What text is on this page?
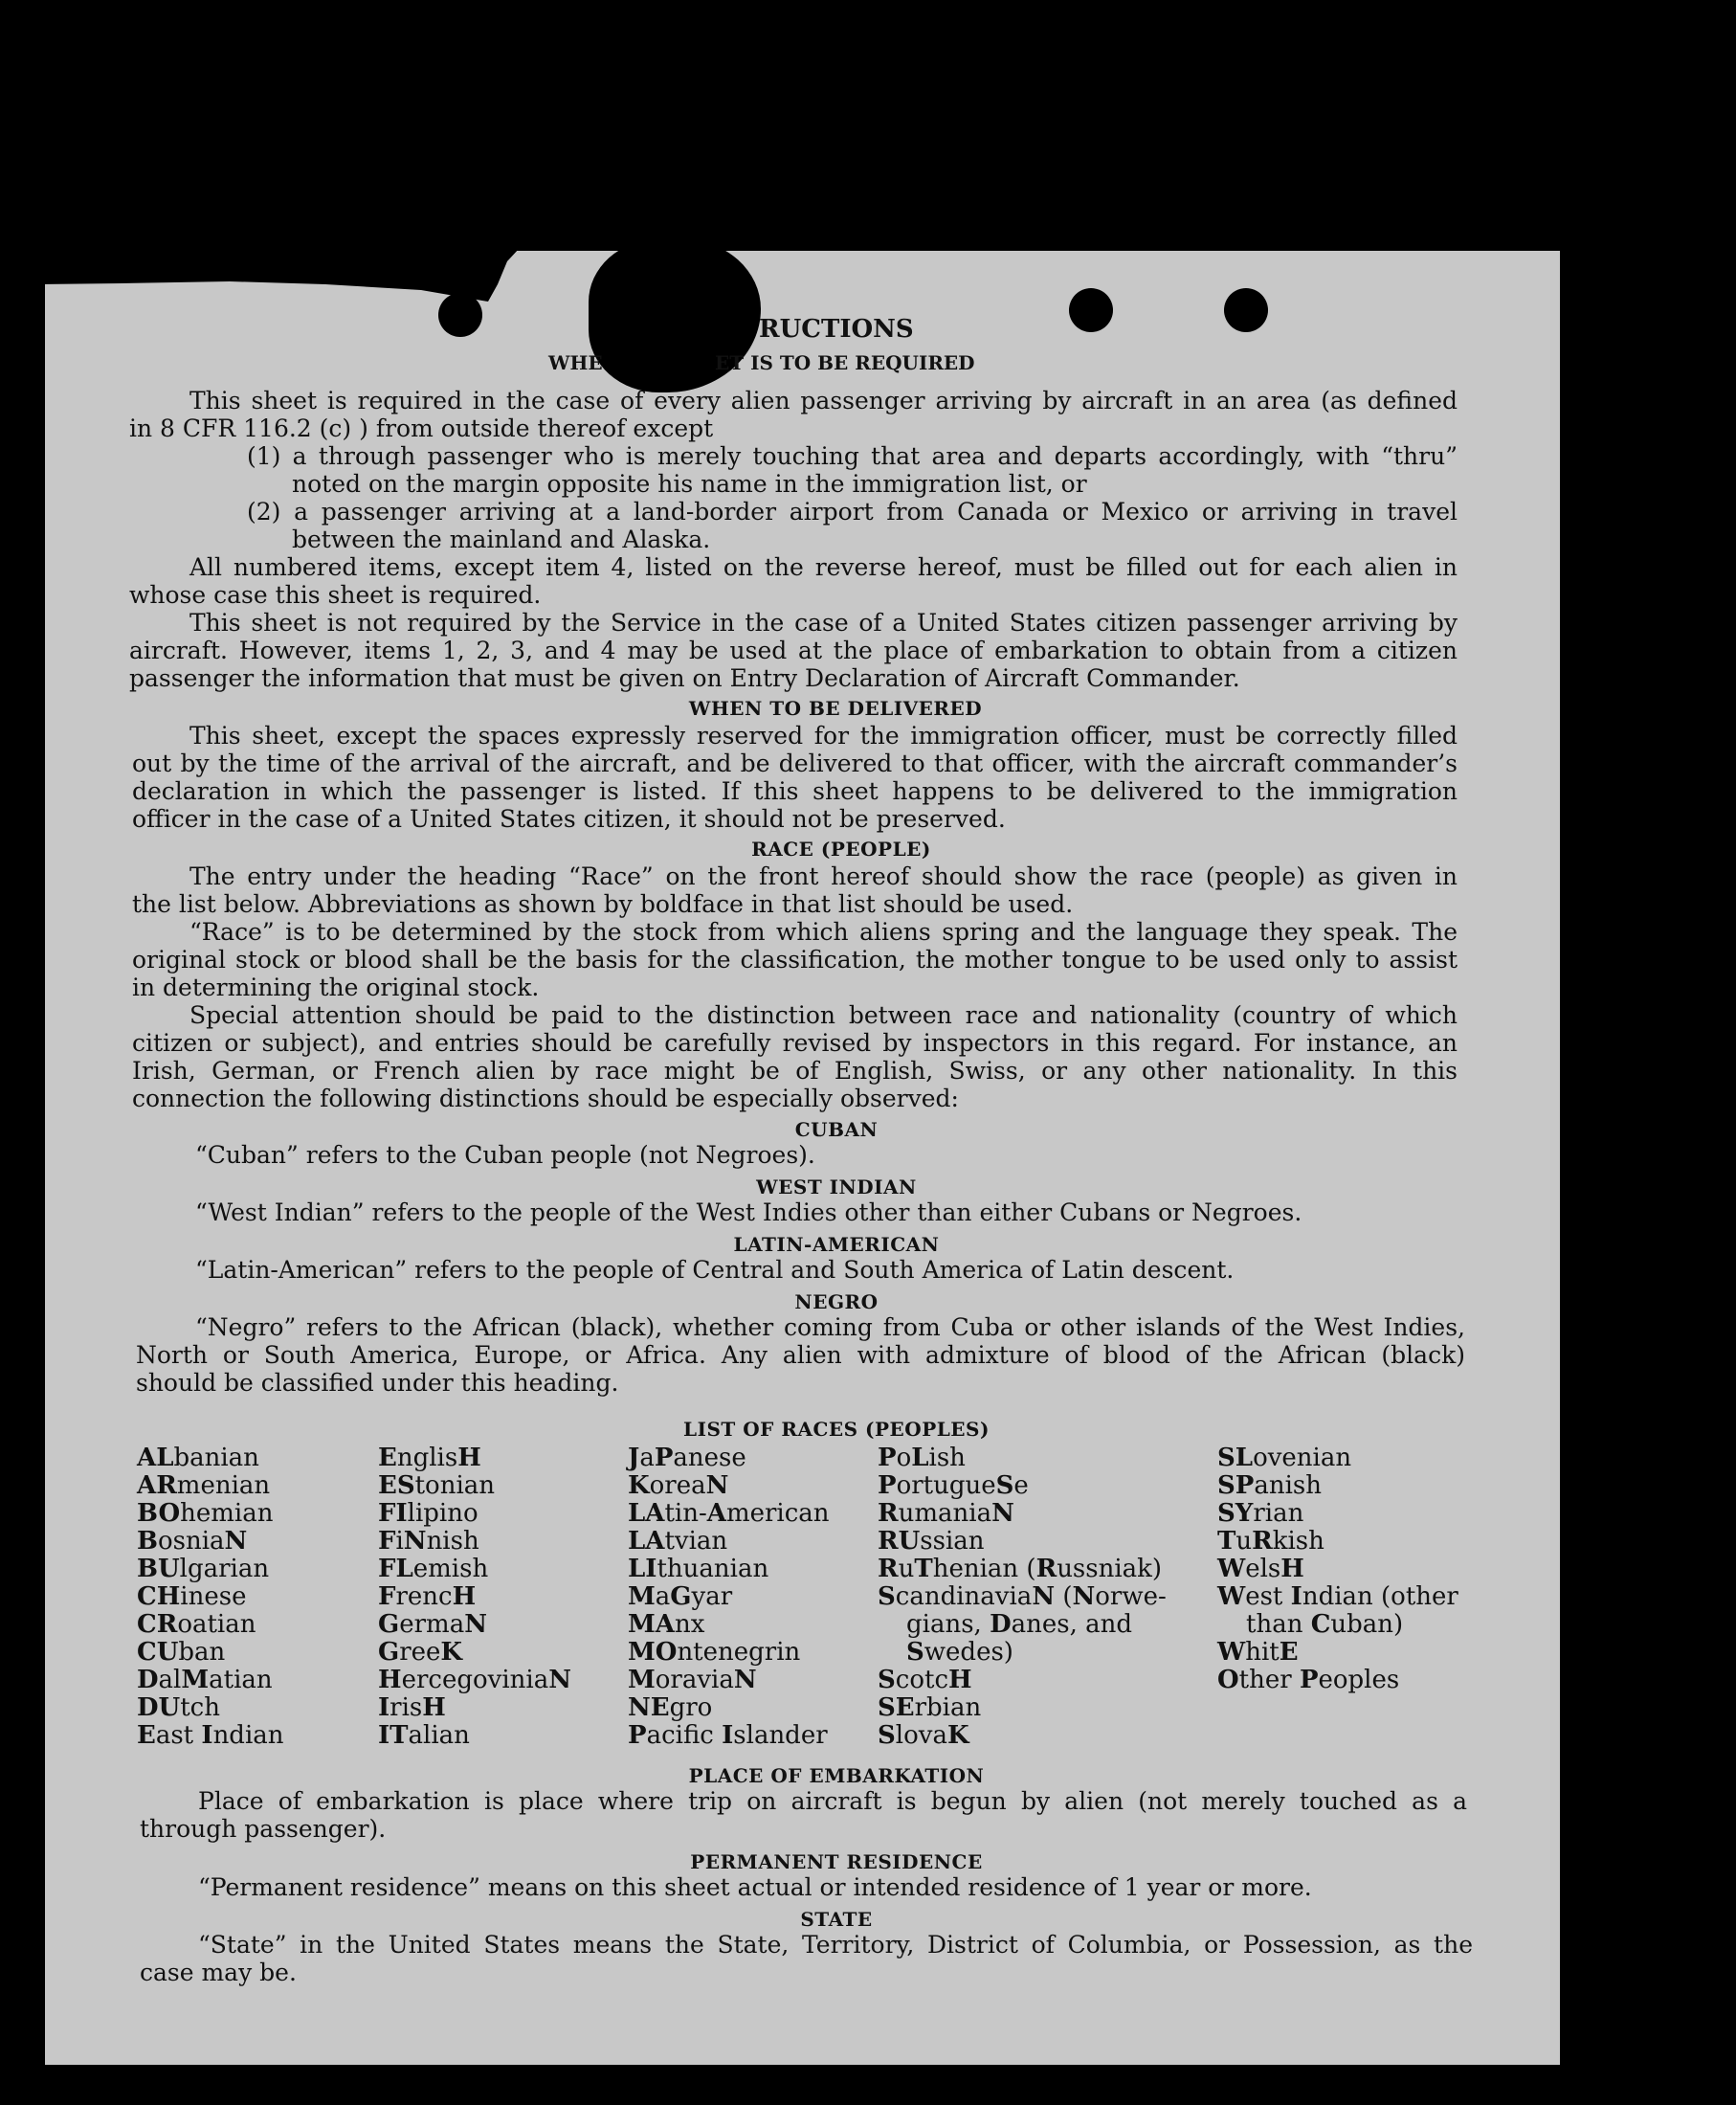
RUCTIONS
WHE	ET IS TO BE REQUIRED
This sheet is required in the case of every alien passenger arriving by aircraft in an area (as defined
in 8 CFR 116.2 (c) ) from outside thereof except
(1) a through passenger who is merely touching that area and departs accordingly, with “thru”
noted on the margin opposite his name in the immigration list, or
(2) a passenger arriving at a land-border airport from Canada or Mexico or arriving in travel
between the mainland and Alaska.
All numbered items, except item 4, listed on the reverse hereof, must be filled out for each alien in
whose case this sheet is required.
This sheet is not required by the Service in the case of a United States citizen passenger arriving by
aircraft. However, items 1, 2, 3, and 4 may be used at the place of embarkation to obtain from a citizen
passenger the information that must be given on Entry Declaration of Aircraft Commander.
WHEN TO BE DELIVERED
This sheet, except the spaces expressly reserved for the immigration officer, must be correctly filled
out by the time of the arrival of the aircraft, and be delivered to that officer, with the aircraft commander’s
declaration in which the passenger is listed. If this sheet happens to be delivered to the immigration
officer in the case of a United States citizen, it should not be preserved.
RACE (PEOPLE)
The entry under the heading “Race” on the front hereof should show the race (people) as given in
the list below. Abbreviations as shown by boldface in that list should be used.
“Race” is to be determined by the stock from which aliens spring and the language they speak. The
original stock or blood shall be the basis for the classification, the mother tongue to be used only to assist
in determining the original stock.
Special attention should be paid to the distinction between race and nationality (country of which
citizen or subject), and entries should be carefully revised by inspectors in this regard. For instance, an
Irish, German, or French alien by race might be of English, Swiss, or any other nationality. In this
connection the following distinctions should be especially observed:
CUBAN
“Cuban” refers to the Cuban people (not Negroes).
WEST INDIAN
“West Indian” refers to the people of the West Indies other than either Cubans or Negroes.
LATIN-AMERICAN
“Latin-American” refers to the people of Central and South America of Latin descent.
NEGRO
“Negro” refers to the African (black), whether coming from Cuba or other islands of the West Indies,
North or South America, Europe, or Africa. Any alien with admixture of blood of the African (black)
should be classified under this heading.
LIST OF RACES (PEOPLES)
ALbanian
ARmenian
BOhemian
BosniaN
BUlgarian
CHinese
CRoatian
CUban
DalMatian
DUtch
East Indian
EnglisH
EStonian
FIlipino
FiNnish
FLemish
FrencH
GermaN
GreeK
HercegoviniaN
IrisH
ITalian
JaPanese
KoreaN
LAtin-American
LAtvian
LIthuanian
MaGyar
MAnx
MOntenegrin
MoraviaN
NEgro
Pacific Islander
PoLish
PortugueSe
RumaniaN
RUssian
RuThenian (Russniak)
ScandinaviaN (Norwe-
gians, Danes, and
Swedes)
ScotcH
SErbian
SlovaK
SLovenian
SPanish
SYrian
TuRkish
WelsH
West Indian (other
than Cuban)
WhitE
Other Peoples
PLACE OF EMBARKATION
Place of embarkation is place where trip on aircraft is begun by alien (not merely touched as a
through passenger).
PERMANENT RESIDENCE
“Permanent residence” means on this sheet actual or intended residence of 1 year or more.
STATE
“State” in the United States means the State, Territory, District of Columbia, or Possession, as the
case may be.
